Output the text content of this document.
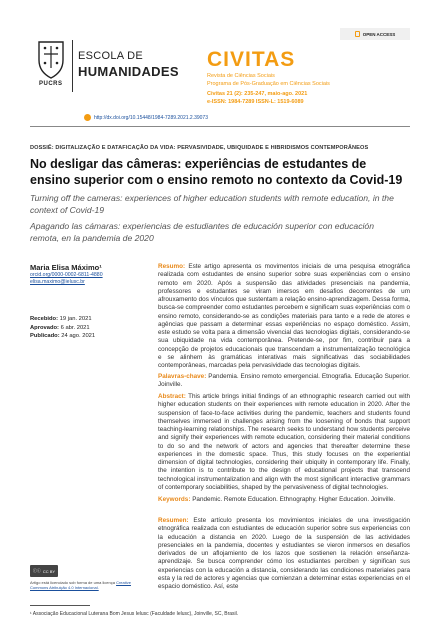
PUCRS
ESCOLA DE
HUMANIDADES
OPEN ACCESS
CIVITAS
Revista de Ciências Sociais
Programa de Pós-Graduação em Ciências Sociais
Civitas 21 (2): 235-247, maio-ago. 2021
e-ISSN: 1984-7289 ISSN-L: 1519-6089
http://dx.doi.org/10.15448/1984-7289.2021.2.39073
DOSSIÊ: DIGITALIZAÇÃO E DATAFICAÇÃO DA VIDA: PERVASIVIDADE, UBIQUIDADE E HIBRIDISMOS CONTEMPORÂNEOS
No desligar das câmeras: experiências de estudantes de ensino superior com o ensino remoto no contexto da Covid-19
Turning off the cameras: experiences of higher education students with remote education, in the context of Covid-19
Apagando las cámaras: experiencias de estudiantes de educación superior con educación remota, en la pandemia de 2020
Maria Elisa Máximo¹
orcid.org/0000-0002-6811-4880
elisa.maximo@ielusc.br
Recebido: 19 jan. 2021
Aprovado: 6 abr. 2021
Publicado: 24 ago. 2021
Resumo: Este artigo apresenta os movimentos iniciais de uma pesquisa etnográfica realizada com estudantes de ensino superior sobre suas experiências com o ensino remoto em 2020. Após a suspensão das atividades presenciais na pandemia, professores e estudantes se viram imersos em desafios decorrentes de um afrouxamento dos vínculos que sustentam a relação ensino-aprendizagem. Dessa forma, busca-se compreender como estudantes percebem e significam suas experiências com o ensino remoto, considerando-se as condições materiais para tanto e a rede de atores e agências que passam a determinar essas experiências no espaço doméstico. Assim, este estudo se volta para a dimensão vivencial das tecnologias digitais, considerando-se sua ubiquidade na vida contemporânea. Pretende-se, por fim, contribuir para a concepção de projetos educacionais que transcendam a instrumentalização tecnológica e se alinhem às gramáticas interativas mais significativas das sociabilidades contemporâneas, marcadas pela pervasividade das tecnologias digitais.
Palavras-chave: Pandemia. Ensino remoto emergencial. Etnografia. Educação Superior. Joinville.
Abstract: This article brings initial findings of an ethnographic research carried out with higher education students on their experiences with remote education in 2020. After the suspension of face-to-face activities during the pandemic, teachers and students found themselves immersed in challenges arising from the loosening of bonds that support teaching-learning relationships. The research seeks to understand how students perceive and signify their experiences with remote education, considering their material conditions to do so and the network of actors and agencies that thereafter determine these experiences in the domestic space. Thus, this study focuses on the experiential dimension of digital technologies, considering their ubiquity in contemporary life. Finally, the intention is to contribute to the design of educational projects that transcend technological instrumentalization and align with the most significant interactive grammars of contemporary sociabilities, shaped by the pervasiveness of digital technologies.
Keywords: Pandemic. Remote Education. Ethnography. Higher Education. Joinville.
Resumen: Este artículo presenta los movimientos iniciales de una investigación etnográfica realizada con estudiantes de educación superior sobre sus experiencias con la educación a distancia en 2020. Luego de la suspensión de las actividades presenciales en la pandemia, docentes y estudiantes se vieron inmersos en desafíos derivados de un aflojamiento de los lazos que sostienen la relación enseñanza-aprendizaje. Se busca comprender cómo los estudiantes perciben y significan sus experiencias con la educación a distancia, considerando las condiciones materiales para esta y la red de actores y agencias que comienzan a determinar estas experiencias en el espacio doméstico. Así, este
ⓒⓘ CC BY
Artigo está licenciado sob forma de uma licença Creative Commons Atribuição 4.0 Internacional.
¹ Associação Educacional Luterana Bom Jesus Ielusc (Faculdade Ielusc), Joinville, SC, Brasil.
